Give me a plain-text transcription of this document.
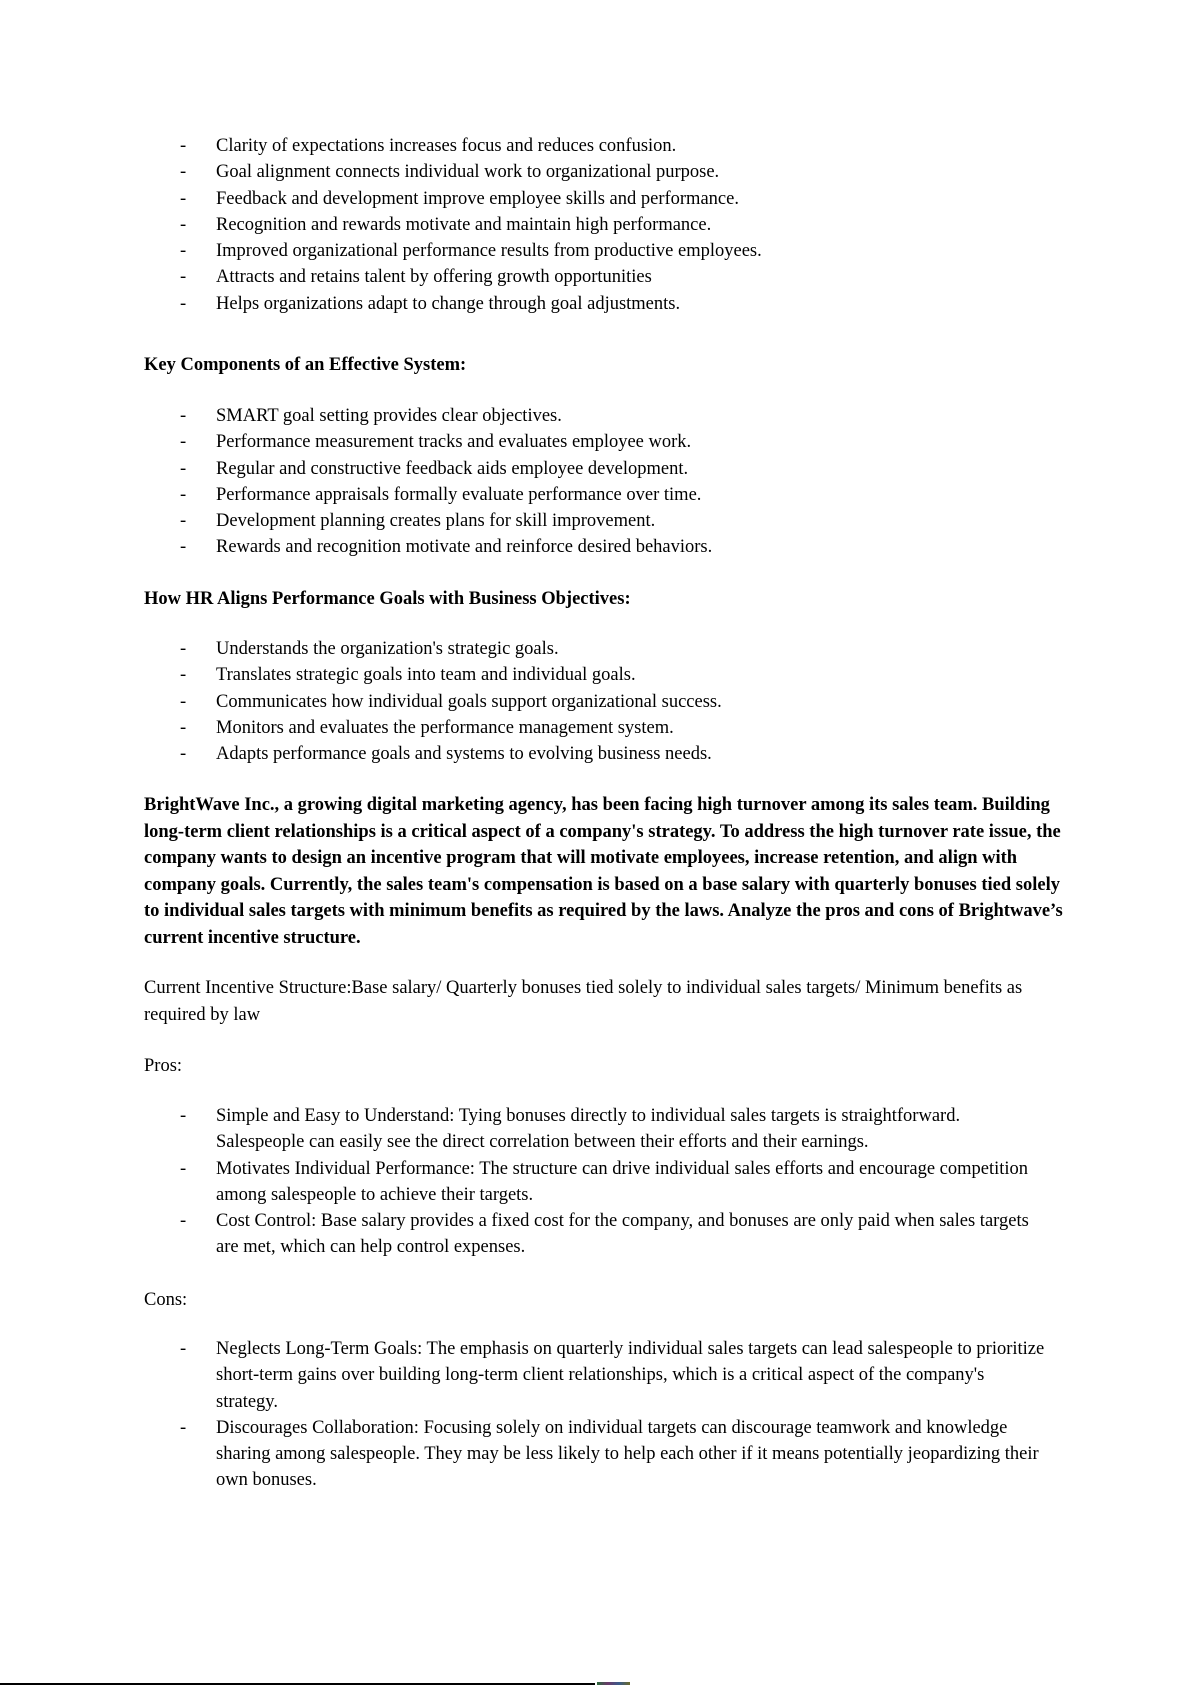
- Clarity of expectations increases focus and reduces confusion.
- Goal alignment connects individual work to organizational purpose.
- Feedback and development improve employee skills and performance.
- Recognition and rewards motivate and maintain high performance.
- Improved organizational performance results from productive employees.
- Attracts and retains talent by offering growth opportunities
- Helps organizations adapt to change through goal adjustments.
Key Components of an Effective System:
- SMART goal setting provides clear objectives.
- Performance measurement tracks and evaluates employee work.
- Regular and constructive feedback aids employee development.
- Performance appraisals formally evaluate performance over time.
- Development planning creates plans for skill improvement.
- Rewards and recognition motivate and reinforce desired behaviors.
How HR Aligns Performance Goals with Business Objectives:
- Understands the organization's strategic goals.
- Translates strategic goals into team and individual goals.
- Communicates how individual goals support organizational success.
- Monitors and evaluates the performance management system.
- Adapts performance goals and systems to evolving business needs.
BrightWave Inc., a growing digital marketing agency, has been facing high turnover among its sales team. Building long-term client relationships is a critical aspect of a company's strategy. To address the high turnover rate issue, the company wants to design an incentive program that will motivate employees, increase retention, and align with company goals. Currently, the sales team's compensation is based on a base salary with quarterly bonuses tied solely to individual sales targets with minimum benefits as required by the laws. Analyze the pros and cons of Brightwave’s current incentive structure.
Current Incentive Structure:Base salary/ Quarterly bonuses tied solely to individual sales targets/ Minimum benefits as required by law
Pros:
- Simple and Easy to Understand: Tying bonuses directly to individual sales targets is straightforward. Salespeople can easily see the direct correlation between their efforts and their earnings.
- Motivates Individual Performance: The structure can drive individual sales efforts and encourage competition among salespeople to achieve their targets.
- Cost Control: Base salary provides a fixed cost for the company, and bonuses are only paid when sales targets are met, which can help control expenses.
Cons:
- Neglects Long-Term Goals: The emphasis on quarterly individual sales targets can lead salespeople to prioritize short-term gains over building long-term client relationships, which is a critical aspect of the company's strategy.
- Discourages Collaboration: Focusing solely on individual targets can discourage teamwork and knowledge sharing among salespeople. They may be less likely to help each other if it means potentially jeopardizing their own bonuses.
